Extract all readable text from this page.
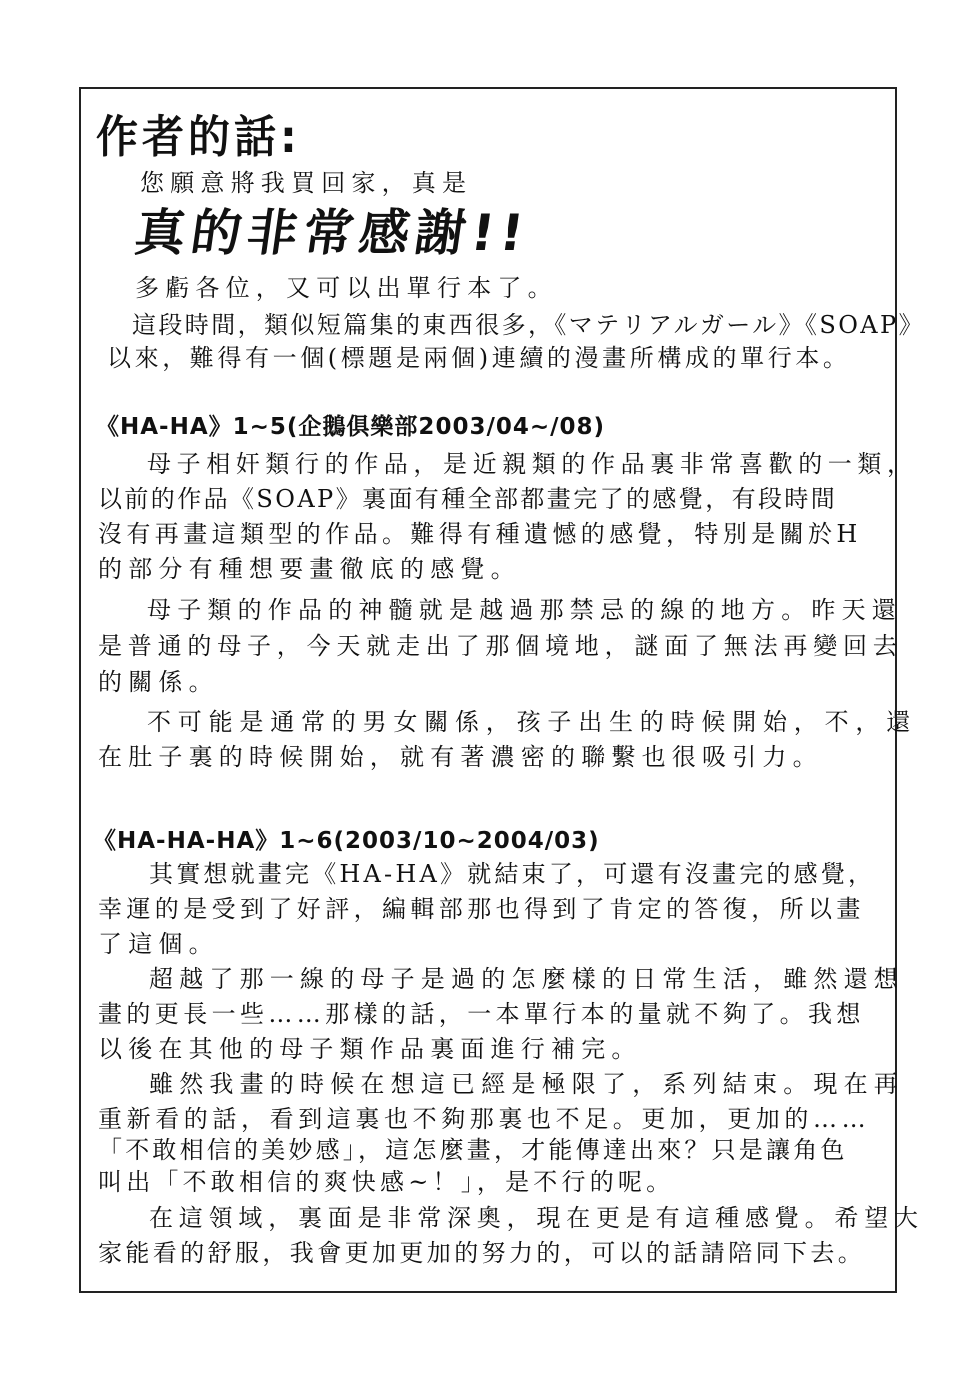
作者的話:
您願意將我買回家，真是
真的非常感謝!!
多虧各位，又可以出單行本了。
這段時間，類似短篇集的東西很多，《マテリアルガール》《SOAP》
以來，難得有一個(標題是兩個)連續的漫畫所構成的單行本。
《HA-HA》1~5(企鵝俱樂部2003/04~/08)
母子相奸類行的作品，是近親類的作品裏非常喜歡的一類，
以前的作品《SOAP》裏面有種全部都畫完了的感覺，有段時間
沒有再畫這類型的作品。難得有種遺憾的感覺，特別是關於H
的部分有種想要畫徹底的感覺。
母子類的作品的神髓就是越過那禁忌的線的地方。昨天還
是普通的母子，今天就走出了那個境地，謎面了無法再變回去
的關係。
不可能是通常的男女關係，孩子出生的時候開始，不，還
在肚子裏的時候開始，就有著濃密的聯繫也很吸引力。
《HA-HA-HA》1~6(2003/10~2004/03)
其實想就畫完《HA-HA》就結束了，可還有沒畫完的感覺，
幸運的是受到了好評，編輯部那也得到了肯定的答復，所以畫
了這個。
超越了那一線的母子是過的怎麼樣的日常生活，雖然還想
畫的更長一些……那樣的話，一本單行本的量就不夠了。我想
以後在其他的母子類作品裏面進行補完。
雖然我畫的時候在想這已經是極限了，系列結束。現在再
重新看的話，看到這裏也不夠那裏也不足。更加，更加的……
「不敢相信的美妙感」，這怎麼畫，才能傳達出來？只是讓角色
叫出「不敢相信的爽快感~！」，是不行的呢。
在這領域，裏面是非常深奧，現在更是有這種感覺。希望大
家能看的舒服，我會更加更加的努力的，可以的話請陪同下去。
